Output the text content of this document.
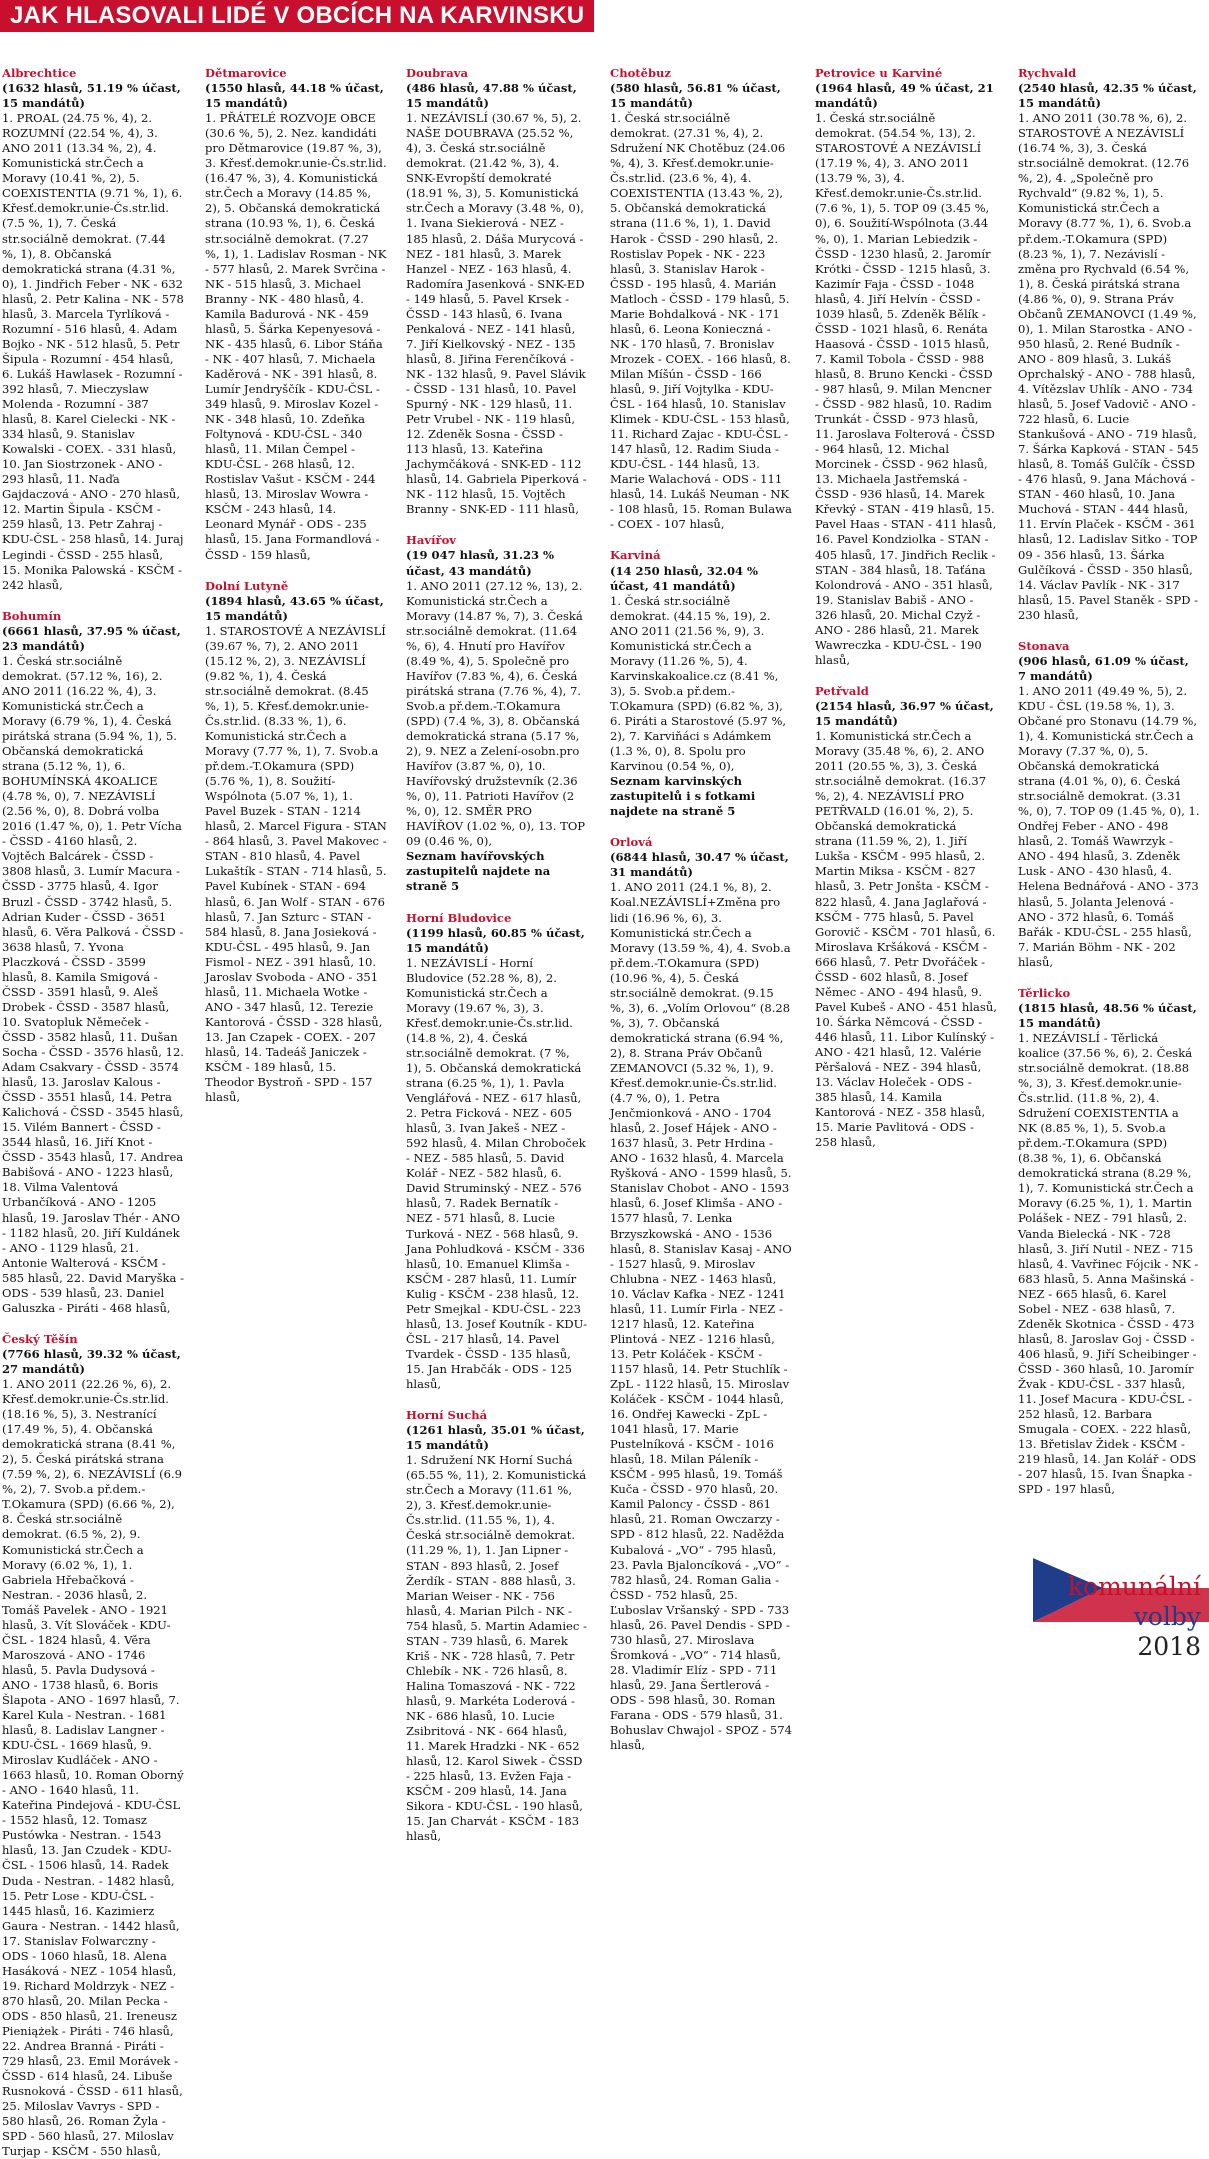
JAK HLASOVALI LIDÉ V OBCÍCH NA KARVINSKU
Albrechtice
(1632 hlasů, 51.19 % účast, 15 mandátů)
1. PROAL (24.75 %, 4), 2. ROZUMNÍ (22.54 %, 4), 3. ANO 2011 (13.34 %, 2), 4. Komunistická str.Čech a Moravy (10.41 %, 2), 5. COEXISTENTIA (9.71 %, 1), 6. Křesť.demokr.unie-Čs.str.lid. (7.5 %, 1), 7. Česká str.sociálně demokrat. (7.44 %, 1), 8. Občanská demokratická strana (4.31 %, 0), 1. Jindřich Feber - NK - 632 hlasů, 2. Petr Kalina - NK - 578 hlasů, 3. Marcela Tyrlíková - Rozumní - 516 hlasů, 4. Adam Bojko - NK - 512 hlasů, 5. Petr Šipula - Rozumní - 454 hlasů, 6. Lukáš Hawlasek - Rozumní - 392 hlasů, 7. Mieczyslaw Molenda - Rozumní - 387 hlasů, 8. Karel Cielecki - NK - 334 hlasů, 9. Stanislav Kowalski - COEX. - 331 hlasů, 10. Jan Siostrzonek - ANO - 293 hlasů, 11. Naďa Gajdaczová - ANO - 270 hlasů, 12. Martin Šipula - KSČM - 259 hlasů, 13. Petr Zahraj - KDU-ČSL - 258 hlasů, 14. Juraj Legindi - ČSSD - 255 hlasů, 15. Monika Palowská - KSČM - 242 hlasů,
Bohumín
(6661 hlasů, 37.95 % účast, 23 mandátů)
1. Česká str.sociálně demokrat. (57.12 %, 16), 2. ANO 2011 (16.22 %, 4), 3. Komunistická str.Čech a Moravy (6.79 %, 1), 4. Česká pirátská strana (5.94 %, 1), 5. Občanská demokratická strana (5.12 %, 1), 6. BOHUMÍNSKÁ 4KOALICE (4.78 %, 0), 7. NEZÁVISLÍ (2.56 %, 0), 8. Dobrá volba 2016 (1.47 %, 0), 1. Petr Vícha - ČSSD - 4160 hlasů, 2. Vojtěch Balcárek - ČSSD - 3808 hlasů, 3. Lumír Macura - ČSSD - 3775 hlasů, 4. Igor Bruzl - ČSSD - 3742 hlasů, 5. Adrian Kuder - ČSSD - 3651 hlasů, 6. Věra Palková - ČSSD - 3638 hlasů, 7. Yvona Placzková - ČSSD - 3599 hlasů, 8. Kamila Smigová - ČSSD - 3591 hlasů, 9. Aleš Drobek - ČSSD - 3587 hlasů, 10. Svatopluk Němeček - ČSSD - 3582 hlasů, 11. Dušan Socha - ČSSD - 3576 hlasů, 12. Adam Csakvary - ČSSD - 3574 hlasů, 13. Jaroslav Kalous - ČSSD - 3551 hlasů, 14. Petra Kalichová - ČSSD - 3545 hlasů, 15. Vilém Bannert - ČSSD - 3544 hlasů, 16. Jiří Knot - ČSSD - 3543 hlasů, 17. Andrea Babišová - ANO - 1223 hlasů, 18. Vilma Valentová Urbančíková - ANO - 1205 hlasů, 19. Jaroslav Thér - ANO - 1182 hlasů, 20. Jiří Kuldánek - ANO - 1129 hlasů, 21. Antonie Walterová - KSČM - 585 hlasů, 22. David Maryška - ODS - 539 hlasů, 23. Daniel Galuszka - Piráti - 468 hlasů,
Český Těšín
(7766 hlasů, 39.32 % účast, 27 mandátů)
1. ANO 2011 (22.26 %, 6), 2. Křesť.demokr.unie-Čs.str.lid. (18.16 %, 5), 3. Nestranící (17.49 %, 5), 4. Občanská demokratická strana (8.41 %, 2), 5. Česká pirátská strana (7.59 %, 2), 6. NEZÁVISLÍ (6.9 %, 2), 7. Svob.a př.dem.-T.Okamura (SPD) (6.66 %, 2), 8. Česká str.sociálně demokrat. (6.5 %, 2), 9. Komunistická str.Čech a Moravy (6.02 %, 1), 1. Gabriela Hřebačková - Nestran. - 2036 hlasů, 2. Tomáš Pavelek - ANO - 1921 hlasů, 3. Vít Slováček - KDU-ČSL - 1824 hlasů, 4. Věra Maroszová - ANO - 1746 hlasů, 5. Pavla Dudysová - ANO - 1738 hlasů, 6. Boris Šlapota - ANO - 1697 hlasů, 7. Karel Kula - Nestran. - 1681 hlasů, 8. Ladislav Langner - KDU-ČSL - 1669 hlasů, 9. Miroslav Kudláček - ANO - 1663 hlasů, 10. Roman Oborný - ANO - 1640 hlasů, 11. Kateřina Pindejová - KDU-ČSL - 1552 hlasů, 12. Tomasz Pustówka - Nestran. - 1543 hlasů, 13. Jan Czudek - KDU-ČSL - 1506 hlasů, 14. Radek Duda - Nestran. - 1482 hlasů, 15. Petr Lose - KDU-ČSL - 1445 hlasů, 16. Kazimierz Gaura - Nestran. - 1442 hlasů, 17. Stanislav Folwarczny - ODS - 1060 hlasů, 18. Alena Hasáková - NEZ - 1054 hlasů, 19. Richard Moldrzyk - NEZ - 870 hlasů, 20. Milan Pecka - ODS - 850 hlasů, 21. Ireneusz Pieniążek - Piráti - 746 hlasů, 22. Andrea Branná - Piráti - 729 hlasů, 23. Emil Morávek - ČSSD - 614 hlasů, 24. Libuše Rusnoková - ČSSD - 611 hlasů, 25. Miloslav Vavrys - SPD - 580 hlasů, 26. Roman Žyla - SPD - 560 hlasů, 27. Miloslav Turjap - KSČM - 550 hlasů,
Dětmarovice
(1550 hlasů, 44.18 % účast, 15 mandátů)
1. PŘÁTELÉ ROZVOJE OBCE (30.6 %, 5), 2. Nez. kandidáti pro Dětmarovice (19.87 %, 3), 3. Křesť.demokr.unie-Čs.str.lid. (16.47 %, 3), 4. Komunistická str.Čech a Moravy (14.85 %, 2), 5. Občanská demokratická strana (10.93 %, 1), 6. Česká str.sociálně demokrat. (7.27 %, 1), 1. Ladislav Rosman - NK - 577 hlasů, 2. Marek Svrčina - NK - 515 hlasů, 3. Michael Branny - NK - 480 hlasů, 4. Kamila Badurová - NK - 459 hlasů, 5. Šárka Kepenyesová - NK - 435 hlasů, 6. Libor Stáňa - NK - 407 hlasů, 7. Michaela Kaděrová - NK - 391 hlasů, 8. Lumír Jendryščík - KDU-ČSL - 349 hlasů, 9. Miroslav Kozel - NK - 348 hlasů, 10. Zdeňka Foltynová - KDU-ČSL - 340 hlasů, 11. Milan Čempel - KDU-ČSL - 268 hlasů, 12. Rostislav Vašut - KSČM - 244 hlasů, 13. Miroslav Wowra - KSČM - 243 hlasů, 14. Leonard Mynář - ODS - 235 hlasů, 15. Jana Formandlová - ČSSD - 159 hlasů,
Dolní Lutyně
(1894 hlasů, 43.65 % účast, 15 mandátů)
1. STAROSTOVÉ A NEZÁVISLÍ (39.67 %, 7), 2. ANO 2011 (15.12 %, 2), 3. NEZÁVISLÍ (9.82 %, 1), 4. Česká str.sociálně demokrat. (8.45 %, 1), 5. Křesť.demokr.unie-Čs.str.lid. (8.33 %, 1), 6. Komunistická str.Čech a Moravy (7.77 %, 1), 7. Svob.a př.dem.-T.Okamura (SPD) (5.76 %, 1), 8. Soužití-Wspólnota (5.07 %, 1), 1. Pavel Buzek - STAN - 1214 hlasů, 2. Marcel Figura - STAN - 864 hlasů, 3. Pavel Makovec - STAN - 810 hlasů, 4. Pavel Lukaštík - STAN - 714 hlasů, 5. Pavel Kubínek - STAN - 694 hlasů, 6. Jan Wolf - STAN - 676 hlasů, 7. Jan Szturc - STAN - 584 hlasů, 8. Jana Josieková - KDU-ČSL - 495 hlasů, 9. Jan Fismol - NEZ - 391 hlasů, 10. Jaroslav Svoboda - ANO - 351 hlasů, 11. Michaela Wotke - ANO - 347 hlasů, 12. Terezie Kantorová - ČSSD - 328 hlasů, 13. Jan Czapek - COEX. - 207 hlasů, 14. Tadeáš Janiczek - KSČM - 189 hlasů, 15. Theodor Bystroň - SPD - 157 hlasů,
Doubrava
(486 hlasů, 47.88 % účast, 15 mandátů)
1. NEZÁVISLÍ (30.67 %, 5), 2. NAŠE DOUBRAVA (25.52 %, 4), 3. Česká str.sociálně demokrat. (21.42 %, 3), 4. SNK-Evropští demokraté (18.91 %, 3), 5. Komunistická str.Čech a Moravy (3.48 %, 0), 1. Ivana Siekierová - NEZ - 185 hlasů, 2. Dáša Murycová - NEZ - 181 hlasů, 3. Marek Hanzel - NEZ - 163 hlasů, 4. Radomíra Jasenková - SNK-ED - 149 hlasů, 5. Pavel Krsek - ČSSD - 143 hlasů, 6. Ivana Penkalová - NEZ - 141 hlasů, 7. Jiří Kielkovský - NEZ - 135 hlasů, 8. Jiřina Ferenčíková - NK - 132 hlasů, 9. Pavel Slávik - ČSSD - 131 hlasů, 10. Pavel Spurný - NK - 129 hlasů, 11. Petr Vrubel - NK - 119 hlasů, 12. Zdeněk Sosna - ČSSD - 113 hlasů, 13. Kateřina Jachymčáková - SNK-ED - 112 hlasů, 14. Gabriela Piperková - NK - 112 hlasů, 15. Vojtěch Branny - SNK-ED - 111 hlasů,
Havířov
(19 047 hlasů, 31.23 % účast, 43 mandátů)
1. ANO 2011 (27.12 %, 13), 2. Komunistická str.Čech a Moravy (14.87 %, 7), 3. Česká str.sociálně demokrat. (11.64 %, 6), 4. Hnutí pro Havířov (8.49 %, 4), 5. Společně pro Havířov (7.83 %, 4), 6. Česká pirátská strana (7.76 %, 4), 7. Svob.a př.dem.-T.Okamura (SPD) (7.4 %, 3), 8. Občanská demokratická strana (5.17 %, 2), 9. NEZ a Zelení-osobn.pro Havířov (3.87 %, 0), 10. Havířovský družstevník (2.36 %, 0), 11. Patrioti Havířov (2 %, 0), 12. SMĚR PRO HAVÍŘOV (1.02 %, 0), 13. TOP 09 (0.46 %, 0),
Seznam havířovských zastupitelů najdete na straně 5
Horní Bludovice
(1199 hlasů, 60.85 % účast, 15 mandátů)
1. NEZÁVISLÍ - Horní Bludovice (52.28 %, 8), 2. Komunistická str.Čech a Moravy (19.67 %, 3), 3. Křesť.demokr.unie-Čs.str.lid. (14.8 %, 2), 4. Česká str.sociálně demokrat. (7 %, 1), 5. Občanská demokratická strana (6.25 %, 1), 1. Pavla Venglářová - NEZ - 617 hlasů, 2. Petra Ficková - NEZ - 605 hlasů, 3. Ivan Jakeš - NEZ - 592 hlasů, 4. Milan Chroboček - NEZ - 585 hlasů, 5. David Kolář - NEZ - 582 hlasů, 6. David Struminský - NEZ - 576 hlasů, 7. Radek Bernatík - NEZ - 571 hlasů, 8. Lucie Turková - NEZ - 568 hlasů, 9. Jana Pohludková - KSČM - 336 hlasů, 10. Emanuel Klimša - KSČM - 287 hlasů, 11. Lumír Kulig - KSČM - 238 hlasů, 12. Petr Smejkal - KDU-ČSL - 223 hlasů, 13. Josef Koutník - KDU-ČSL - 217 hlasů, 14. Pavel Tvardek - ČSSD - 135 hlasů, 15. Jan Hrabčák - ODS - 125 hlasů,
Horní Suchá
(1261 hlasů, 35.01 % účast, 15 mandátů)
1. Sdružení NK Horní Suchá (65.55 %, 11), 2. Komunistická str.Čech a Moravy (11.61 %, 2), 3. Křesť.demokr.unie-Čs.str.lid. (11.55 %, 1), 4. Česká str.sociálně demokrat. (11.29 %, 1), 1. Jan Lipner - STAN - 893 hlasů, 2. Josef Žerdík - STAN - 888 hlasů, 3. Marian Weiser - NK - 756 hlasů, 4. Marian Pilch - NK - 754 hlasů, 5. Martin Adamiec - STAN - 739 hlasů, 6. Marek Kriš - NK - 728 hlasů, 7. Petr Chlebík - NK - 726 hlasů, 8. Halina Tomaszová - NK - 722 hlasů, 9. Markéta Loderová - NK - 686 hlasů, 10. Lucie Zsibritová - NK - 664 hlasů, 11. Marek Hradzki - NK - 652 hlasů, 12. Karol Siwek - ČSSD - 225 hlasů, 13. Evžen Faja - KSČM - 209 hlasů, 14. Jana Sikora - KDU-ČSL - 190 hlasů, 15. Jan Charvát - KSČM - 183 hlasů,
Chotěbuz
(580 hlasů, 56.81 % účast, 15 mandátů)
1. Česká str.sociálně demokrat. (27.31 %, 4), 2. Sdružení NK Chotěbuz (24.06 %, 4), 3. Křesť.demokr.unie-Čs.str.lid. (23.6 %, 4), 4. COEXISTENTIA (13.43 %, 2), 5. Občanská demokratická strana (11.6 %, 1), 1. David Harok - ČSSD - 290 hlasů, 2. Rostislav Popek - NK - 223 hlasů, 3. Stanislav Harok - ČSSD - 195 hlasů, 4. Marián Matloch - ČSSD - 179 hlasů, 5. Marie Bohdalková - NK - 171 hlasů, 6. Leona Konieczná - NK - 170 hlasů, 7. Bronislav Mrozek - COEX. - 166 hlasů, 8. Milan Míšún - ČSSD - 166 hlasů, 9. Jiří Vojtylka - KDU-ČSL - 164 hlasů, 10. Stanislav Klimek - KDU-ČSL - 153 hlasů, 11. Richard Zajac - KDU-ČSL - 147 hlasů, 12. Radim Siuda - KDU-ČSL - 144 hlasů, 13. Marie Walachová - ODS - 111 hlasů, 14. Lukáš Neuman - NK - 108 hlasů, 15. Roman Bulawa - COEX - 107 hlasů,
Karviná
(14 250 hlasů, 32.04 % účast, 41 mandátů)
1. Česká str.sociálně demokrat. (44.15 %, 19), 2. ANO 2011 (21.56 %, 9), 3. Komunistická str.Čech a Moravy (11.26 %, 5), 4. Karvinskakoalice.cz (8.41 %, 3), 5. Svob.a př.dem.-T.Okamura (SPD) (6.82 %, 3), 6. Piráti a Starostové (5.97 %, 2), 7. Karviňáci s Adámkem (1.3 %, 0), 8. Spolu pro Karvinou (0.54 %, 0),
Seznam karvinských zastupitelů i s fotkami najdete na straně 5
Orlová
(6844 hlasů, 30.47 % účast, 31 mandátů)
1. ANO 2011 (24.1 %, 8), 2. Koal.NEZÁVISLÍ+Změna pro lidi (16.96 %, 6), 3. Komunistická str.Čech a Moravy (13.59 %, 4), 4. Svob.a př.dem.-T.Okamura (SPD) (10.96 %, 4), 5. Česká str.sociálně demokrat. (9.15 %, 3), 6. „Volím Orlovou“ (8.28 %, 3), 7. Občanská demokratická strana (6.94 %, 2), 8. Strana Práv Občanů ZEMANOVCI (5.32 %, 1), 9. Křesť.demokr.unie-Čs.str.lid. (4.7 %, 0), 1. Petra Jenčmionková - ANO - 1704 hlasů, 2. Josef Hájek - ANO - 1637 hlasů, 3. Petr Hrdina - ANO - 1632 hlasů, 4. Marcela Ryšková - ANO - 1599 hlasů, 5. Stanislav Chobot - ANO - 1593 hlasů, 6. Josef Klimša - ANO - 1577 hlasů, 7. Lenka Brzyszkowská - ANO - 1536 hlasů, 8. Stanislav Kasaj - ANO - 1527 hlasů, 9. Miroslav Chlubna - NEZ - 1463 hlasů, 10. Václav Kafka - NEZ - 1241 hlasů, 11. Lumír Firla - NEZ - 1217 hlasů, 12. Kateřina Plintová - NEZ - 1216 hlasů, 13. Petr Koláček - KSČM - 1157 hlasů, 14. Petr Stuchlík - ZpL - 1122 hlasů, 15. Miroslav Koláček - KSČM - 1044 hlasů, 16. Ondřej Kawecki - ZpL - 1041 hlasů, 17. Marie Pustelníková - KSČM - 1016 hlasů, 18. Milan Páleník - KSČM - 995 hlasů, 19. Tomáš Kuča - ČSSD - 970 hlasů, 20. Kamil Paloncy - ČSSD - 861 hlasů, 21. Roman Owczarzy - SPD - 812 hlasů, 22. Naděžda Kubalová - „VO“ - 795 hlasů, 23. Pavla Bjaloncíková - „VO“ - 782 hlasů, 24. Roman Galia - ČSSD - 752 hlasů, 25. Ľuboslav Vršanský - SPD - 733 hlasů, 26. Pavel Dendis - SPD - 730 hlasů, 27. Miroslava Šromková - „VO“ - 714 hlasů, 28. Vladimír Elíz - SPD - 711 hlasů, 29. Jana Šertlerová - ODS - 598 hlasů, 30. Roman Farana - ODS - 579 hlasů, 31. Bohuslav Chwajol - SPOZ - 574 hlasů,
Petrovice u Karviné
(1964 hlasů, 49 % účast, 21 mandátů)
1. Česká str.sociálně demokrat. (54.54 %, 13), 2. STAROSTOVÉ A NEZÁVISLÍ (17.19 %, 4), 3. ANO 2011 (13.79 %, 3), 4. Křesť.demokr.unie-Čs.str.lid. (7.6 %, 1), 5. TOP 09 (3.45 %, 0), 6. Soužití-Wspólnota (3.44 %, 0), 1. Marian Lebiedzik - ČSSD - 1230 hlasů, 2. Jaromír Krótki - ČSSD - 1215 hlasů, 3. Kazimír Faja - ČSSD - 1048 hlasů, 4. Jiří Helvín - ČSSD - 1039 hlasů, 5. Zdeněk Bělík - ČSSD - 1021 hlasů, 6. Renáta Haasová - ČSSD - 1015 hlasů, 7. Kamil Tobola - ČSSD - 988 hlasů, 8. Bruno Kencki - ČSSD - 987 hlasů, 9. Milan Mencner - ČSSD - 982 hlasů, 10. Radim Trunkát - ČSSD - 973 hlasů, 11. Jaroslava Folterová - ČSSD - 964 hlasů, 12. Michal Morcinek - ČSSD - 962 hlasů, 13. Michaela Jastřemská - ČSSD - 936 hlasů, 14. Marek Křevký - STAN - 419 hlasů, 15. Pavel Haas - STAN - 411 hlasů, 16. Pavel Kondziolka - STAN - 405 hlasů, 17. Jindřich Reclik - STAN - 384 hlasů, 18. Taťána Kolondrová - ANO - 351 hlasů, 19. Stanislav Babiš - ANO - 326 hlasů, 20. Michal Czyž - ANO - 286 hlasů, 21. Marek Wawreczka - KDU-ČSL - 190 hlasů,
Petřvald
(2154 hlasů, 36.97 % účast, 15 mandátů)
1. Komunistická str.Čech a Moravy (35.48 %, 6), 2. ANO 2011 (20.55 %, 3), 3. Česká str.sociálně demokrat. (16.37 %, 2), 4. NEZÁVISLÍ PRO PETŘVALD (16.01 %, 2), 5. Občanská demokratická strana (11.59 %, 2), 1. Jiří Lukša - KSČM - 995 hlasů, 2. Martin Miksa - KSČM - 827 hlasů, 3. Petr Jonšta - KSČM - 822 hlasů, 4. Jana Jaglařová - KSČM - 775 hlasů, 5. Pavel Gorovič - KSČM - 701 hlasů, 6. Miroslava Kršáková - KSČM - 666 hlasů, 7. Petr Dvořáček - ČSSD - 602 hlasů, 8. Josef Němec - ANO - 494 hlasů, 9. Pavel Kubeš - ANO - 451 hlasů, 10. Šárka Němcová - ČSSD - 446 hlasů, 11. Libor Kulínský - ANO - 421 hlasů, 12. Valérie Pěršalová - NEZ - 394 hlasů, 13. Václav Holeček - ODS - 385 hlasů, 14. Kamila Kantorová - NEZ - 358 hlasů, 15. Marie Pavlitová - ODS - 258 hlasů,
Rychvald
(2540 hlasů, 42.35 % účast, 15 mandátů)
1. ANO 2011 (30.78 %, 6), 2. STAROSTOVÉ A NEZÁVISLÍ (16.74 %, 3), 3. Česká str.sociálně demokrat. (12.76 %, 2), 4. „Společně pro Rychvald“ (9.82 %, 1), 5. Komunistická str.Čech a Moravy (8.77 %, 1), 6. Svob.a př.dem.-T.Okamura (SPD) (8.23 %, 1), 7. Nezávislí - změna pro Rychvald (6.54 %, 1), 8. Česká pirátská strana (4.86 %, 0), 9. Strana Práv Občanů ZEMANOVCI (1.49 %, 0), 1. Milan Starostka - ANO - 950 hlasů, 2. René Budník - ANO - 809 hlasů, 3. Lukáš Oprchalský - ANO - 788 hlasů, 4. Vítězslav Uhlík - ANO - 734 hlasů, 5. Josef Vadovič - ANO - 722 hlasů, 6. Lucie Stankušová - ANO - 719 hlasů, 7. Šárka Kapková - STAN - 545 hlasů, 8. Tomáš Gulčík - ČSSD - 476 hlasů, 9. Jana Máchová - STAN - 460 hlasů, 10. Jana Muchová - STAN - 444 hlasů, 11. Ervín Plaček - KSČM - 361 hlasů, 12. Ladislav Sitko - TOP 09 - 356 hlasů, 13. Šárka Gulčíková - ČSSD - 350 hlasů, 14. Václav Pavlík - NK - 317 hlasů, 15. Pavel Staněk - SPD - 230 hlasů,
Stonava
(906 hlasů, 61.09 % účast, 7 mandátů)
1. ANO 2011 (49.49 %, 5), 2. KDU - ČSL (19.58 %, 1), 3. Občané pro Stonavu (14.79 %, 1), 4. Komunistická str.Čech a Moravy (7.37 %, 0), 5. Občanská demokratická strana (4.01 %, 0), 6. Česká str.sociálně demokrat. (3.31 %, 0), 7. TOP 09 (1.45 %, 0), 1. Ondřej Feber - ANO - 498 hlasů, 2. Tomáš Wawrzyk - ANO - 494 hlasů, 3. Zdeněk Lusk - ANO - 430 hlasů, 4. Helena Bednářová - ANO - 373 hlasů, 5. Jolanta Jelenová - ANO - 372 hlasů, 6. Tomáš Bařák - KDU-ČSL - 255 hlasů, 7. Marián Böhm - NK - 202 hlasů,
Těrlicko
(1815 hlasů, 48.56 % účast, 15 mandátů)
1. NEZÁVISLÍ - Těrlická koalice (37.56 %, 6), 2. Česká str.sociálně demokrat. (18.88 %, 3), 3. Křesť.demokr.unie-Čs.str.lid. (11.8 %, 2), 4. Sdružení COEXISTENTIA a NK (8.85 %, 1), 5. Svob.a př.dem.-T.Okamura (SPD) (8.38 %, 1), 6. Občanská demokratická strana (8.29 %, 1), 7. Komunistická str.Čech a Moravy (6.25 %, 1), 1. Martin Polášek - NEZ - 791 hlasů, 2. Vanda Bielecká - NK - 728 hlasů, 3. Jiří Nutil - NEZ - 715 hlasů, 4. Vavřinec Fójcik - NK - 683 hlasů, 5. Anna Mašinská - NEZ - 665 hlasů, 6. Karel Sobel - NEZ - 638 hlasů, 7. Zdeněk Skotnica - ČSSD - 473 hlasů, 8. Jaroslav Goj - ČSSD - 406 hlasů, 9. Jiří Scheibinger - ČSSD - 360 hlasů, 10. Jaromír Žvak - KDU-ČSL - 337 hlasů, 11. Josef Macura - KDU-ČSL - 252 hlasů, 12. Barbara Smugala - COEX. - 222 hlasů, 13. Břetislav Židek - KSČM - 219 hlasů, 14. Jan Kolář - ODS - 207 hlasů, 15. Ivan Šnapka - SPD - 197 hlasů,
komunální
volby
2018
